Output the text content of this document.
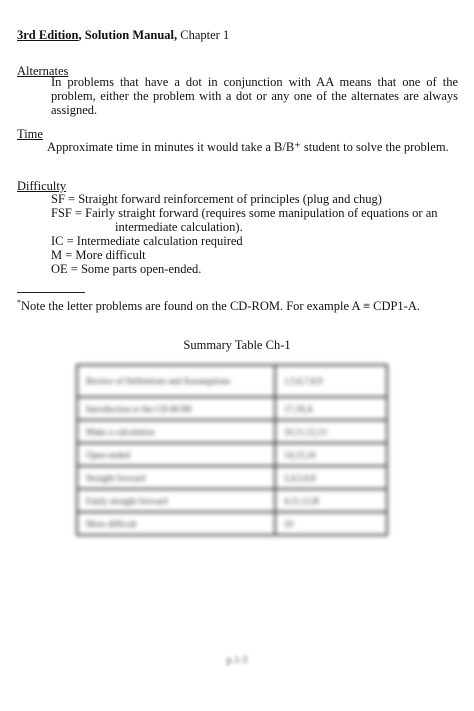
3rd Edition, Solution Manual, Chapter 1
Alternates
In problems that have a dot in conjunction with AA means that one of the problem, either the problem with a dot or any one of the alternates are always assigned.
Time
Approximate time in minutes it would take a B/B⁺ student to solve the problem.
Difficulty
SF = Straight forward reinforcement of principles (plug and chug)
FSF = Fairly straight forward (requires some manipulation of equations or an
intermediate calculation).
IC = Intermediate calculation required
M = More difficult
OE = Some parts open-ended.
*Note the letter problems are found on the CD-ROM. For example A ≡ CDP1-A.
Summary Table Ch-1
Review of Definitions and Assumptions	1,5,6,7,8,9
Introduction to the CD-ROM	17,18,A
Make a calculation	10,11,12,13
Open-ended	14,15,16
Straight forward	2,4,5,6,8
Fairly straight forward	4,11,12,B
More difficult	10
p.1-3
